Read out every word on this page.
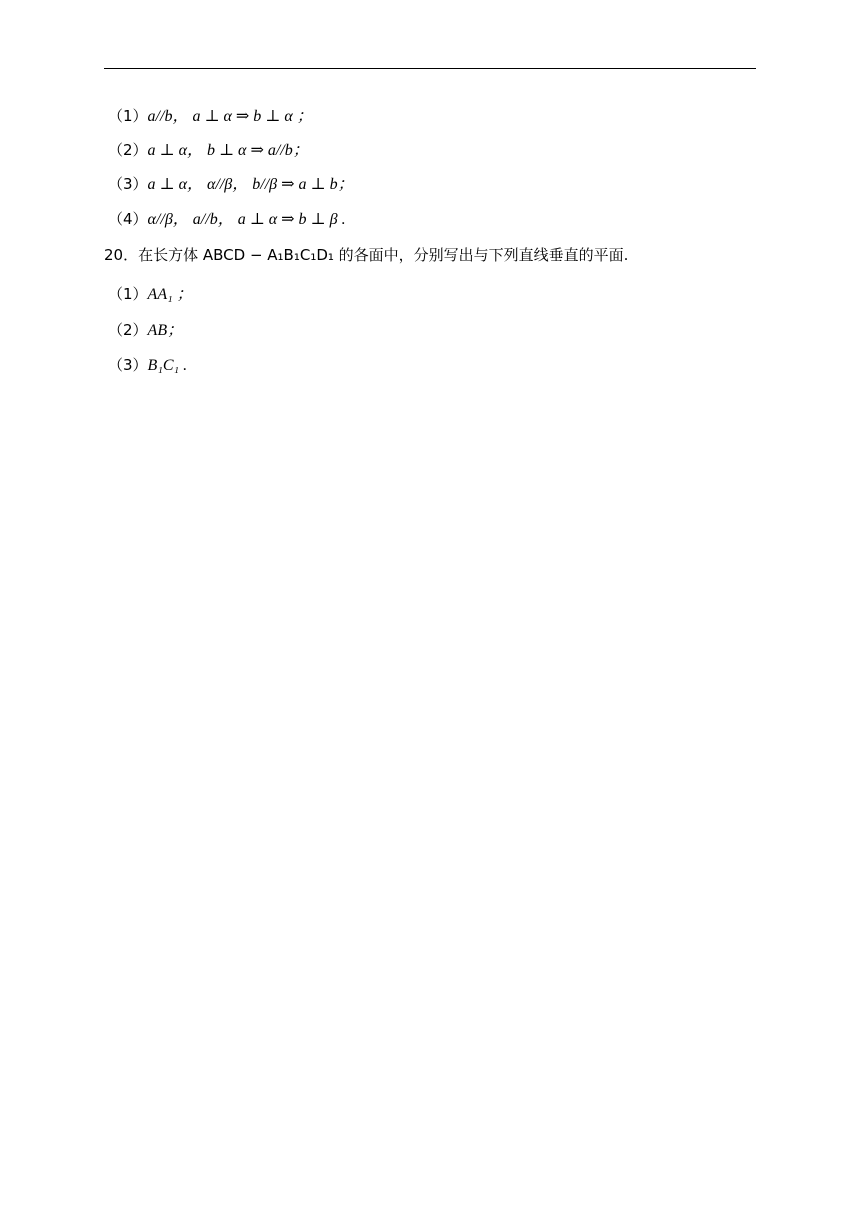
（1）a//b， a ⊥ α ⇒ b ⊥ α ；
（2）a ⊥ α， b ⊥ α ⇒ a//b；
（3）a ⊥ α， α//β， b//β ⇒ a ⊥ b；
（4）α//β， a//b， a ⊥ α ⇒ b ⊥ β .
20．在长方体 ABCD − A₁B₁C₁D₁ 的各面中，分别写出与下列直线垂直的平面.
（1）AA₁ ；
（2）AB；
（3）B₁C₁ .
